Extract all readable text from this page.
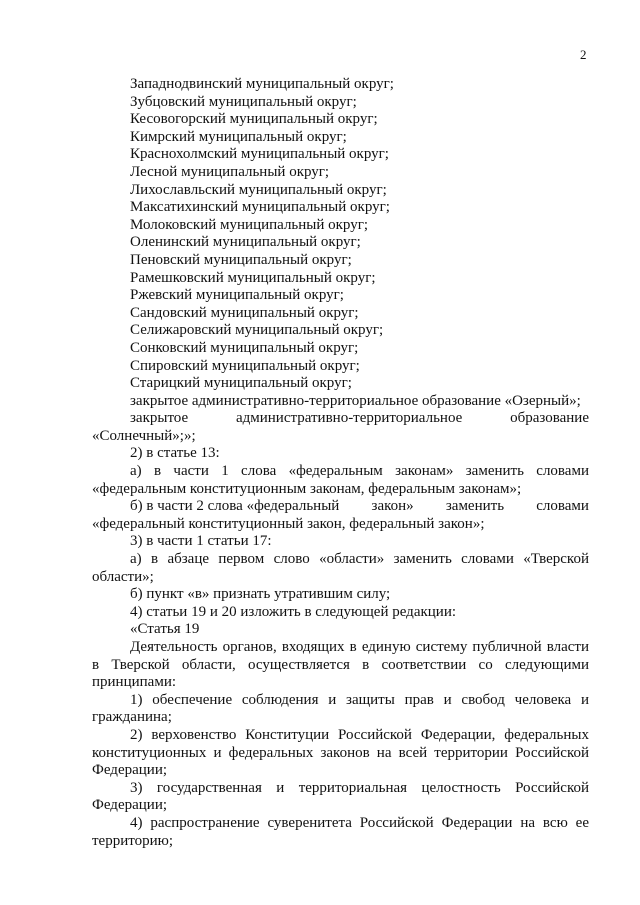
2

Западнодвинский муниципальный округ;

Зубцовский муниципальный округ;

Кесовогорский муниципальный округ;

Кимрский муниципальный округ;

Краснохолмский муниципальный округ;

Лесной муниципальный округ;

Лихославльский муниципальный округ;

Максатихинский муниципальный округ;

Молоковский муниципальный округ;

Оленинский муниципальный округ;

Пеновский муниципальный округ;

Рамешковский муниципальный округ;

Ржевский муниципальный округ;

Сандовский муниципальный округ;

Селижаровский муниципальный округ;

Сонковский муниципальный округ;

Спировский муниципальный округ;

Старицкий муниципальный округ;

закрытое административно-территориальное образование «Озерный»;

закрытое	административно-территориальное	образование

«Солнечный»;»;

2) в статье 13:

а) в части 1 слова «федеральным законам» заменить словами «федеральным конституционным законам, федеральным законам»;

б) в части 2 слова «федеральный закон» заменить словами

«федеральный конституционный закон, федеральный закон»;

3) в части 1 статьи 17:

а) в абзаце первом слово «области» заменить словами «Тверской области»;

б) пункт «в» признать утратившим силу;

4) статьи 19 и 20 изложить в следующей редакции:

«Статья 19

Деятельность органов, входящих в единую систему публичной власти в Тверской области, осуществляется в соответствии со следующими принципами:

1) обеспечение соблюдения и защиты прав и свобод человека и гражданина;

2) верховенство Конституции Российской Федерации, федеральных конституционных и федеральных законов на всей территории Российской Федерации;

3) государственная и территориальная целостность Российской Федерации;

4) распространение суверенитета Российской Федерации на всю ее территорию;
